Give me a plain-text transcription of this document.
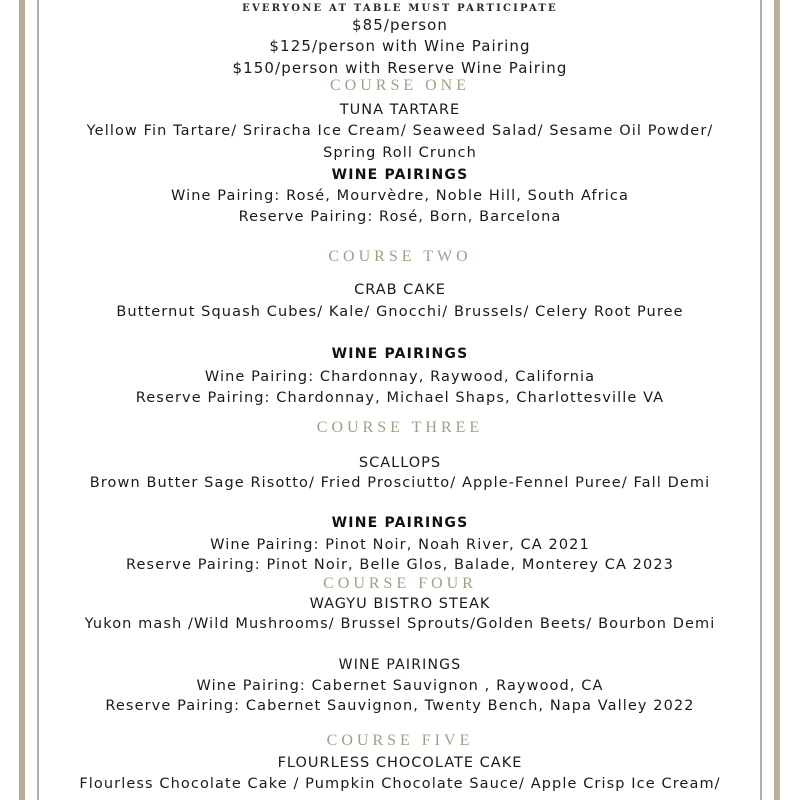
EVERYONE AT TABLE MUST PARTICIPATE
$85/person
$125/person with Wine Pairing
$150/person with Reserve Wine Pairing
COURSE ONE
TUNA TARTARE
Yellow Fin Tartare/ Sriracha Ice Cream/ Seaweed Salad/ Sesame Oil Powder/
Spring Roll Crunch
WINE PAIRINGS
Wine Pairing: Rosé, Mourvèdre, Noble Hill, South Africa
Reserve Pairing: Rosé, Born, Barcelona
COURSE TWO
CRAB CAKE
Butternut Squash Cubes/ Kale/ Gnocchi/ Brussels/ Celery Root Puree
WINE PAIRINGS
Wine Pairing: Chardonnay, Raywood, California
Reserve Pairing: Chardonnay, Michael Shaps, Charlottesville VA
COURSE THREE
SCALLOPS
Brown Butter Sage Risotto/ Fried Prosciutto/ Apple-Fennel Puree/ Fall Demi
WINE PAIRINGS
Wine Pairing: Pinot Noir, Noah River, CA 2021
Reserve Pairing: Pinot Noir, Belle Glos, Balade, Monterey CA 2023
COURSE FOUR
WAGYU BISTRO STEAK
Yukon mash /Wild Mushrooms/ Brussel Sprouts/Golden Beets/ Bourbon Demi
WINE PAIRINGS
Wine Pairing: Cabernet Sauvignon , Raywood, CA
Reserve Pairing: Cabernet Sauvignon, Twenty Bench, Napa Valley 2022
COURSE FIVE
FLOURLESS CHOCOLATE CAKE
Flourless Chocolate Cake / Pumpkin Chocolate Sauce/ Apple Crisp Ice Cream/
